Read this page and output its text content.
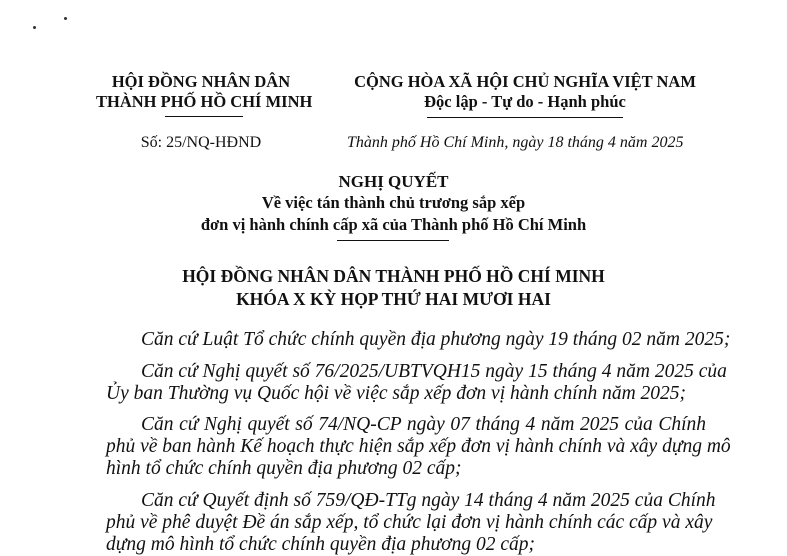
HỘI ĐỒNG NHÂN DÂN
THÀNH PHỐ HỒ CHÍ MINH
Số: 25/NQ-HĐND
CỘNG HÒA XÃ HỘI CHỦ NGHĨA VIỆT NAM
Độc lập - Tự do - Hạnh phúc
Thành phố Hồ Chí Minh, ngày 18 tháng 4 năm 2025
NGHỊ QUYẾT
Về việc tán thành chủ trương sắp xếp
đơn vị hành chính cấp xã của Thành phố Hồ Chí Minh
HỘI ĐỒNG NHÂN DÂN THÀNH PHỐ HỒ CHÍ MINH
KHÓA X KỲ HỌP THỨ HAI MƯƠI HAI
Căn cứ Luật Tổ chức chính quyền địa phương ngày 19 tháng 02 năm 2025;
Căn cứ Nghị quyết số 76/2025/UBTVQH15 ngày 15 tháng 4 năm 2025 của
Ủy ban Thường vụ Quốc hội về việc sắp xếp đơn vị hành chính năm 2025;
Căn cứ Nghị quyết số 74/NQ-CP ngày 07 tháng 4 năm 2025 của Chính
phủ về ban hành Kế hoạch thực hiện sắp xếp đơn vị hành chính và xây dựng mô
hình tổ chức chính quyền địa phương 02 cấp;
Căn cứ Quyết định số 759/QĐ-TTg ngày 14 tháng 4 năm 2025 của Chính
phủ về phê duyệt Đề án sắp xếp, tổ chức lại đơn vị hành chính các cấp và xây
dựng mô hình tổ chức chính quyền địa phương 02 cấp;
